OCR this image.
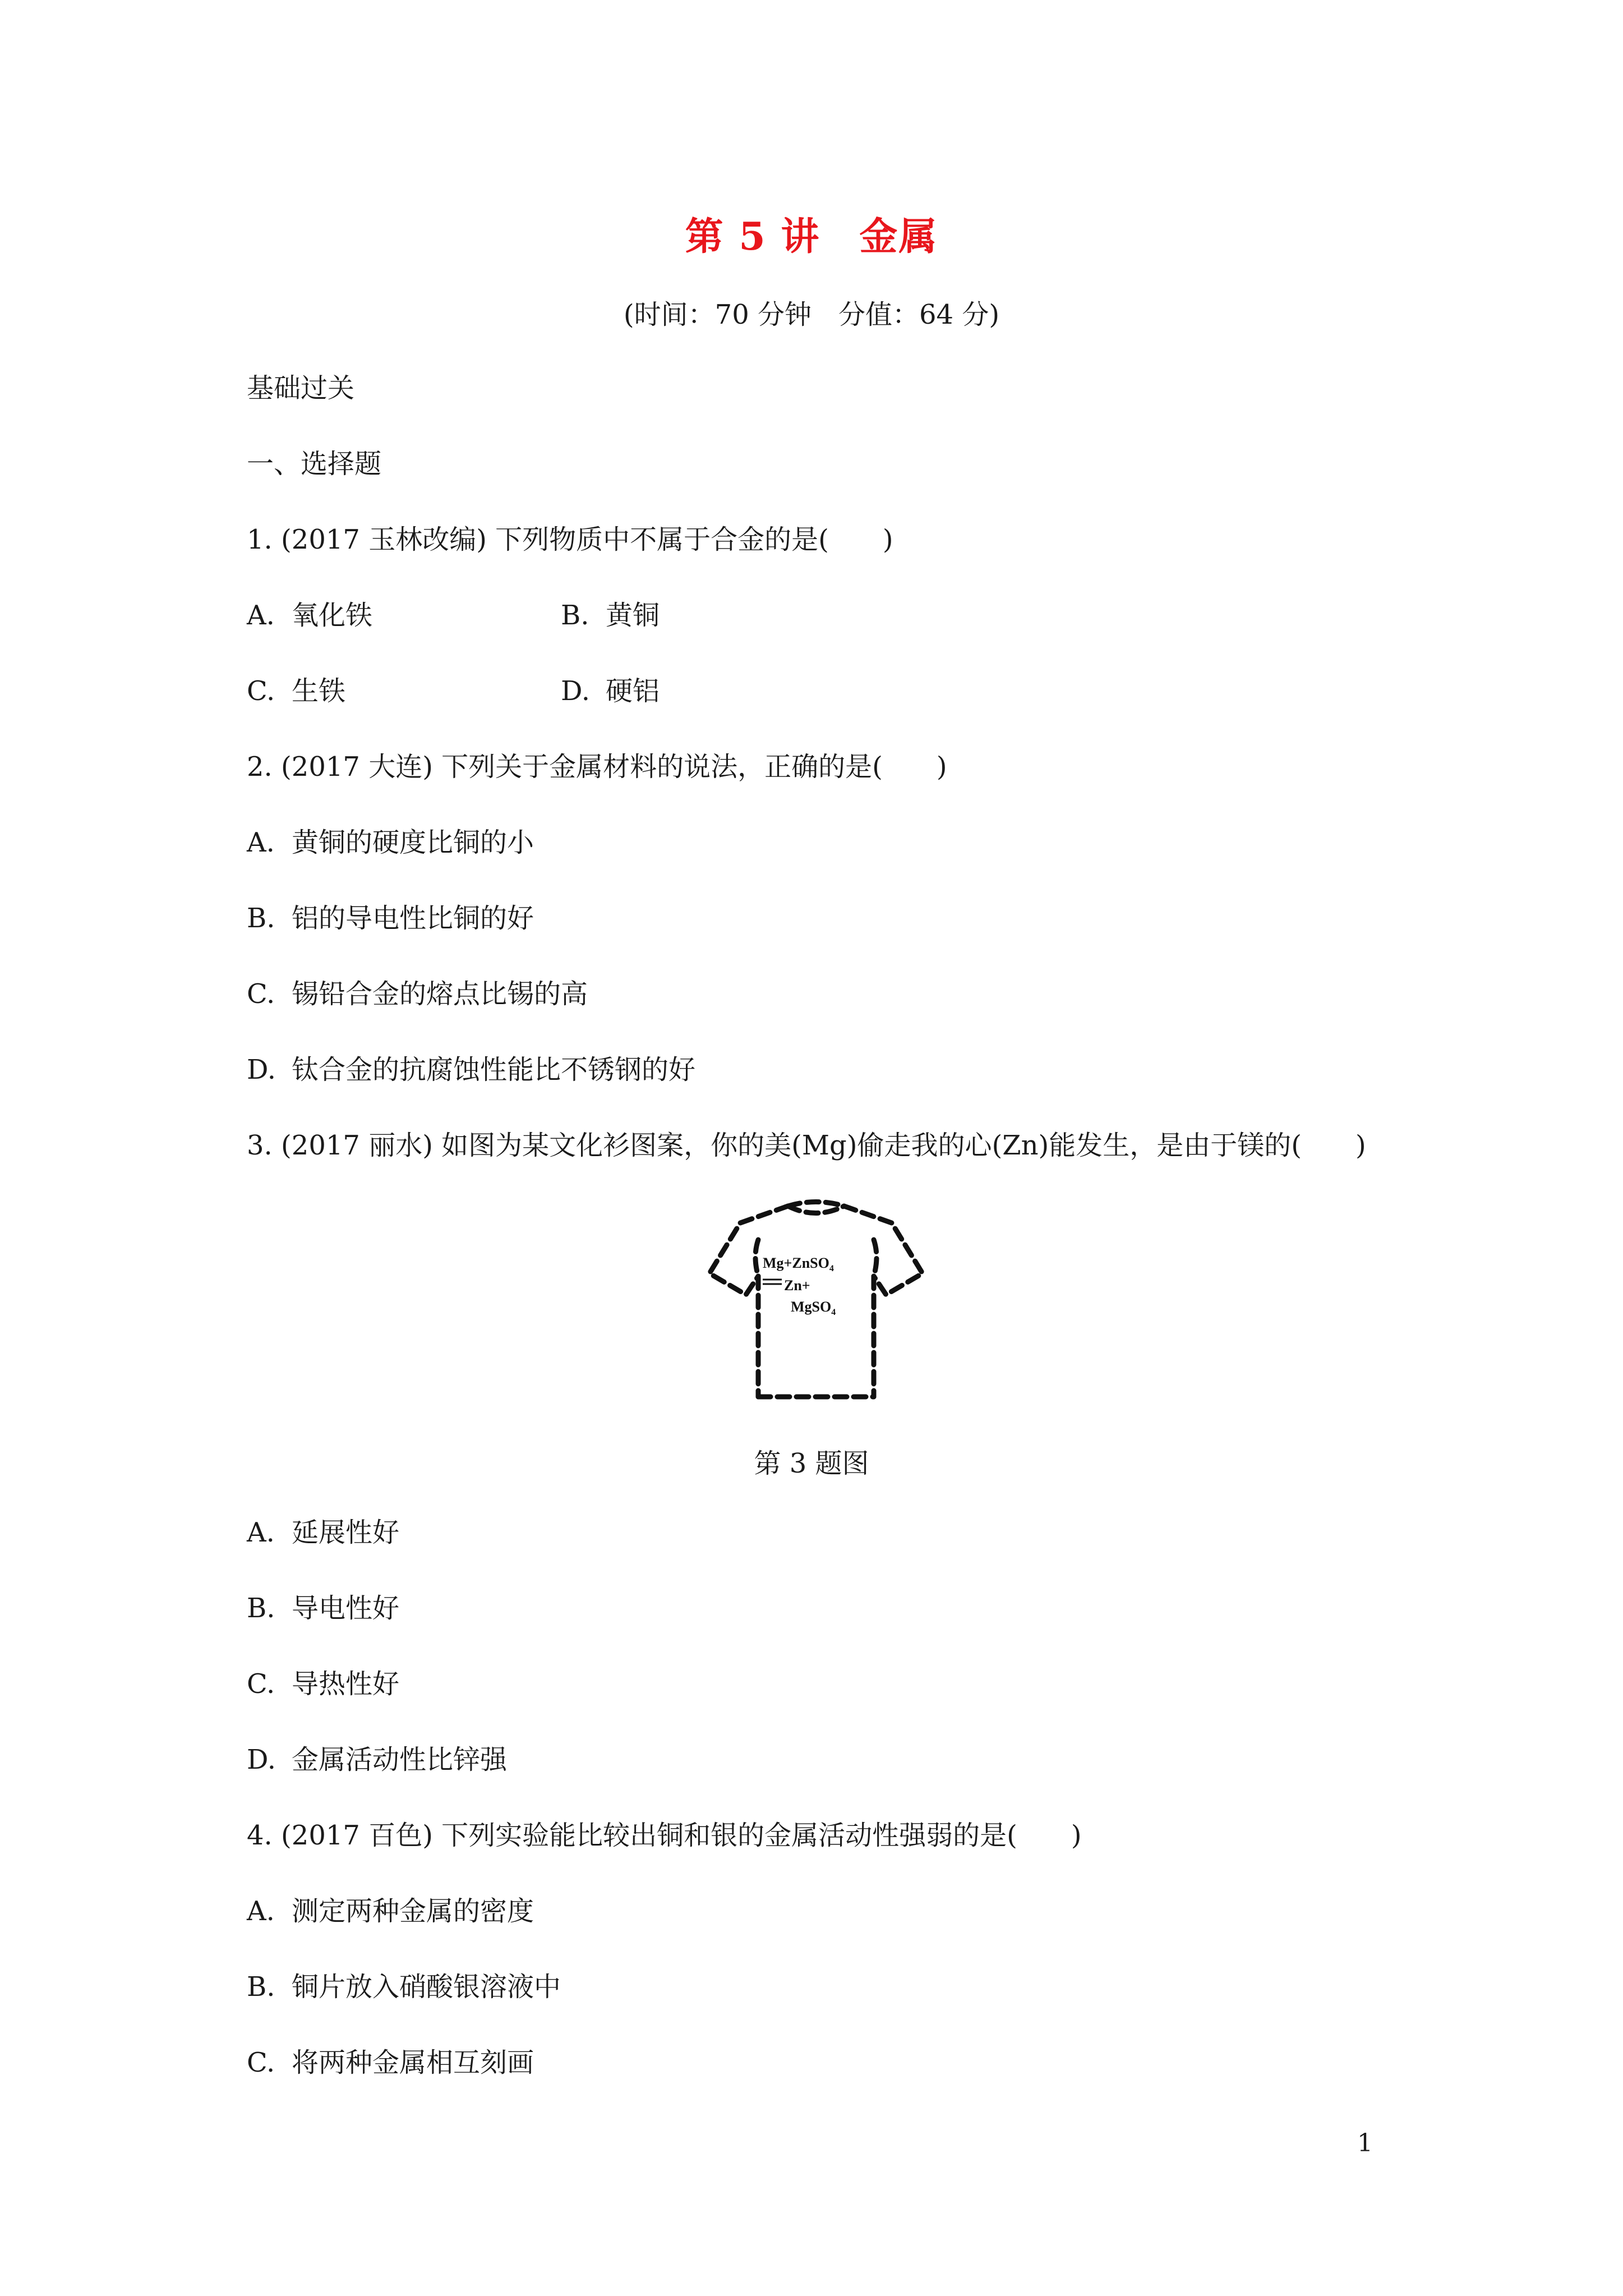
第 5 讲　金属
(时间：70 分钟　分值：64 分)
基础过关
一、选择题
1. (2017 玉林改编) 下列物质中不属于合金的是(　　)
A. 氧化铁	B. 黄铜
C. 生铁	D. 硬铝
2. (2017 大连) 下列关于金属材料的说法，正确的是(　　)
A. 黄铜的硬度比铜的小
B. 铝的导电性比铜的好
C. 锡铅合金的熔点比锡的高
D. 钛合金的抗腐蚀性能比不锈钢的好
3. (2017 丽水) 如图为某文化衫图案，你的美(Mg)偷走我的心(Zn)能发生，是由于镁的(　　)
Mg+ZnSO$_4$
Zn+
MgSO$_4$
第 3 题图
A. 延展性好
B. 导电性好
C. 导热性好
D. 金属活动性比锌强
4. (2017 百色) 下列实验能比较出铜和银的金属活动性强弱的是(　　)
A. 测定两种金属的密度
B. 铜片放入硝酸银溶液中
C. 将两种金属相互刻画
1
